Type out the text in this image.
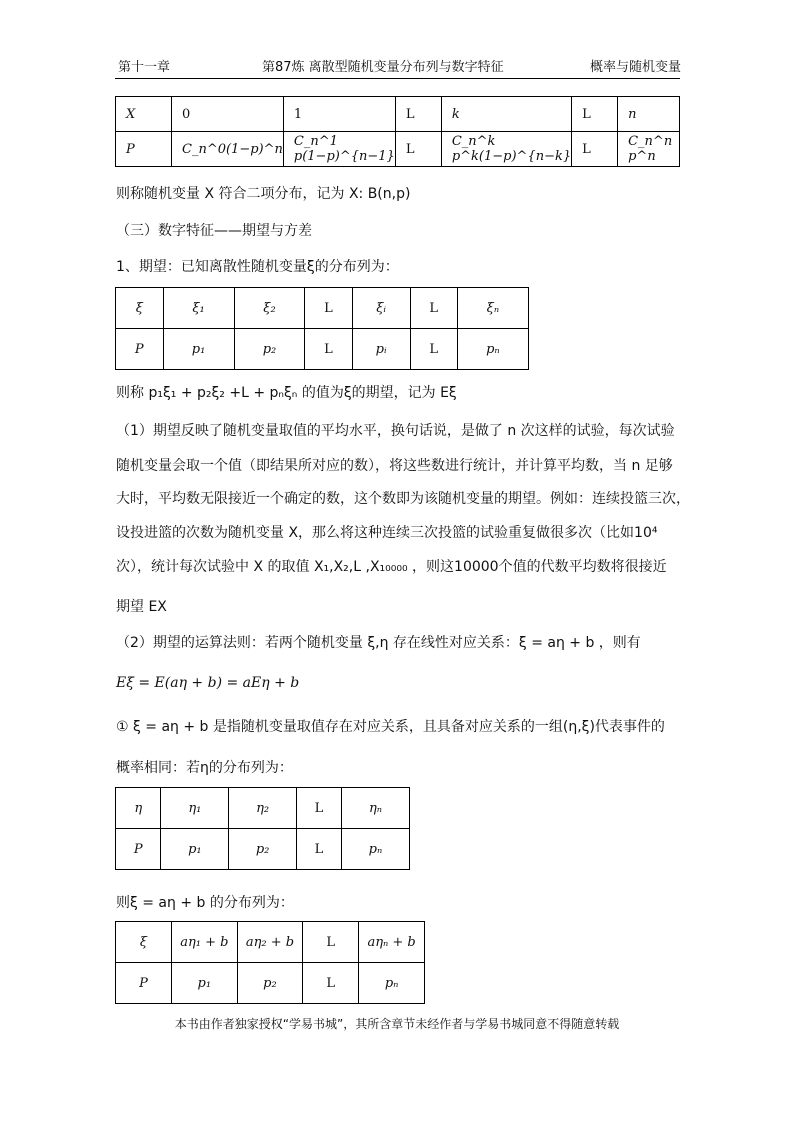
第十一章	第87炼 离散型随机变量分布列与数字特征	概率与随机变量
X	0	1	L	k	L	n
P	C_n^0(1−p)^n	C_n^1 p(1−p)^{n−1}	L	C_n^k p^k(1−p)^{n−k}	L	C_n^n p^n
则称随机变量 X 符合二项分布，记为 X: B(n,p)
（三）数字特征——期望与方差
1、期望：已知离散性随机变量ξ的分布列为：
ξ	ξ₁	ξ₂	L	ξᵢ	L	ξₙ
P	p₁	p₂	L	pᵢ	L	pₙ
则称 p₁ξ₁ + p₂ξ₂ +L + pₙξₙ 的值为ξ的期望，记为 Eξ
（1）期望反映了随机变量取值的平均水平，换句话说，是做了 n 次这样的试验，每次试验
随机变量会取一个值（即结果所对应的数），将这些数进行统计，并计算平均数，当 n 足够
大时，平均数无限接近一个确定的数，这个数即为该随机变量的期望。例如：连续投篮三次，
设投进篮的次数为随机变量 X，那么将这种连续三次投篮的试验重复做很多次（比如10⁴
次），统计每次试验中 X 的取值 X₁,X₂,L ,X₁₀₀₀₀ ，则这10000个值的代数平均数将很接近
期望 EX
（2）期望的运算法则：若两个随机变量 ξ,η 存在线性对应关系：ξ = aη + b ，则有
Eξ = E(aη + b) = aEη + b
① ξ = aη + b 是指随机变量取值存在对应关系，且具备对应关系的一组(η,ξ)代表事件的
概率相同：若η的分布列为：
η	η₁	η₂	L	ηₙ
P	p₁	p₂	L	pₙ
则ξ = aη + b 的分布列为：
ξ	aη₁ + b	aη₂ + b	L	aηₙ + b
P	p₁	p₂	L	pₙ
本书由作者独家授权“学易书城”，其所含章节未经作者与学易书城同意不得随意转载
